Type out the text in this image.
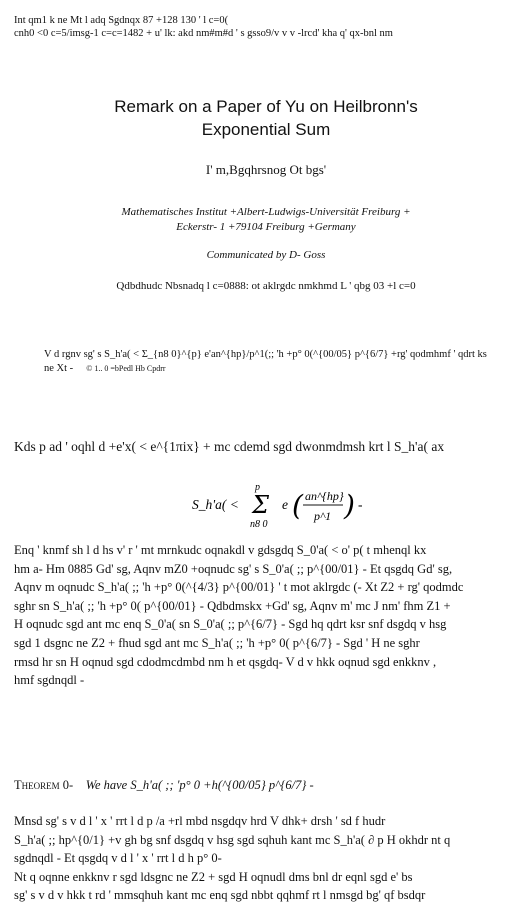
Int qm1 k ne Mt l adq Sgdnqx 87 +128 130 ' l c=0(
cnh0 <0 c=5/imsg-1 c=c=1482 + u' lk: akd nm#m#d ' s gsso9/v v v -lrcd' kha q' qx-bnl nm
Remark on a Paper of Yu on Heilbronn's
Exponential Sum
I' m,Bgqhrsnog Ot bgs'
Mathematisches Institut +Albert-Ludwigs-Universität Freiburg +
Eckerstr- 1 +79104 Freiburg +Germany
Communicated by D- Goss
Qdbdhudc Nbsnadq l c=0888: ot aklrgdc nmkhmd L ' qbg 03 +l c=0
V d rgnv sg' s S_h'a( < Σ_{n8 0}^{p} e'an^{hp}/p^1(;; 'h +p° 0(^{00/05} p^{6/7} +rg' qodmhmf ' qdrt ks
ne Xt - © 1.. 0 =bPedl Hb Cpdrr
Kds p ad ' oqhl d +e'x( < e^{1πix} + mc cdemd sgd dwonmdmsh krt l S_h'a( ax
S_h'a( < Σ
p
n8 0
e ( an^{hp}
p^1 ) -
Enq ' knmf sh l d hs v' r ' mt mrnkudc oqnakdl v gdsgdq S_0'a( < o' p( t mhenql kx
hm a- Hm 0885 Gd' sg, Aqnv mZ0 +oqnudc sg' s S_0'a( ;; p^{00/01} - Et qsgdq Gd' sg,
Aqnv m oqnudc S_h'a( ;; 'h +p° 0(^{4/3} p^{00/01} ' t mot aklrgdc (- Xt Z2 + rg' qodmdc
sghr sn S_h'a( ;; 'h +p° 0( p^{00/01} - Qdbdmskx +Gd' sg, Aqnv m' mc J nm' fhm Z1 +
H oqnudc sgd ant mc enq S_0'a( sn S_0'a( ;; p^{6/7} - Sgd hq qdrt ksr snf dsgdq v hsg
sgd 1 dsgnc ne Z2 + fhud sgd ant mc S_h'a( ;; 'h +p° 0( p^{6/7} - Sgd ' H ne sghr
rmsd hr sn H oqnud sgd cdodmcdmbd nm h et qsgdq- V d v hkk oqnud sgd enkknv ,
hmf sgdnqdl -
Theorem 0- We have S_h'a( ;; 'p° 0 +h(^{00/05} p^{6/7} -
Mnsd sg' s v d l ' x ' rrt l d p /a +rl mbd nsgdqv hrd V dhk+ drsh ' sd f hudr
S_h'a( ;; hp^{0/1} +v gh bg snf dsgdq v hsg sgd sqhuh kant mc S_h'a( ∂ p H okhdr nt q
sgdnqdl - Et qsgdq v d l ' x ' rrt l d h p° 0-
Nt q oqnne enkknv r sgd ldsgnc ne Z2 + sgd H oqnudl dms bnl dr eqnl sgd e' bs
sg' s v d v hkk t rd ' mmsqhuh kant mc enq sgd nbbt qqhmf rt l nmsgd bg' qf bsdqr
